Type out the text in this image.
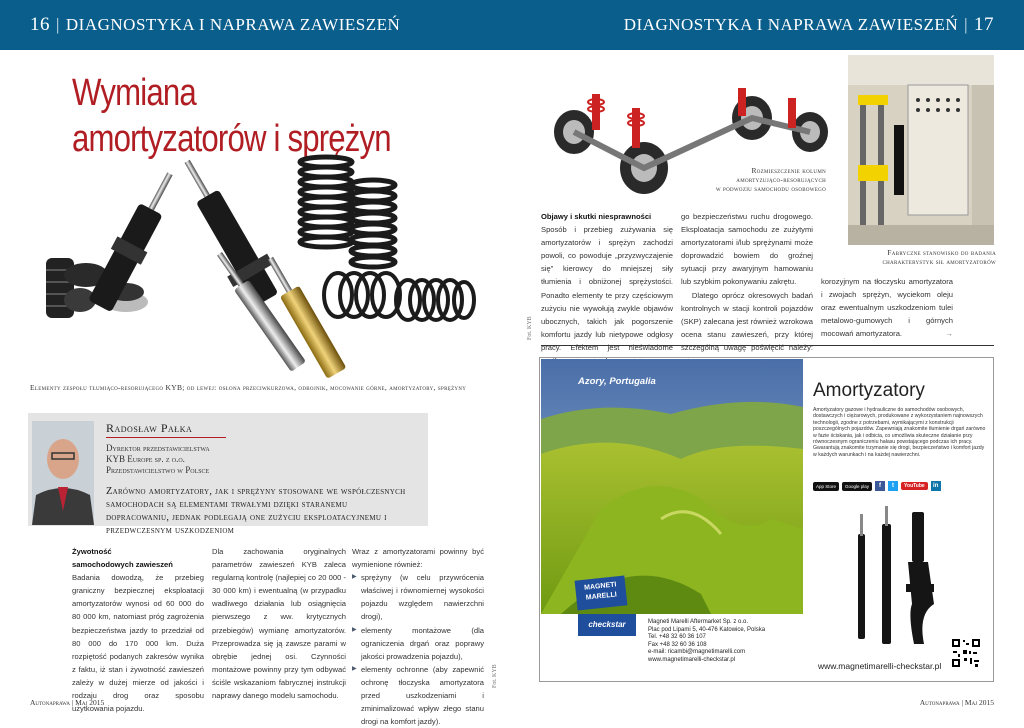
16 | DIAGNOSTYKA I NAPRAWA ZAWIESZEŃ	DIAGNOSTYKA I NAPRAWA ZAWIESZEŃ | 17
Wymiana
amortyzatorów i sprężyn
Elementy zespołu tłumiąco-resorującego KYB; od lewej: osłona przeciwkurzowa, odbojnik, mocowanie górne, amortyzatory, sprężyny
Radosław Pałka
Dyrektor przedstawicielstwa
KYB Europe sp. z o.o.
Przedstawicielstwo w Polsce
Zarówno amortyzatory, jak i sprężyny stosowane we współczesnych samochodach są elementami trwałymi dzięki staranemu dopracowaniu, jednak podlegają one zużyciu eksploatacyjnemu i przedwczesnym uszkodzeniom
Żywotność
samochodowych zawieszeń
Badania dowodzą, że przebieg graniczny bezpiecznej eksploatacji amortyzatorów wynosi od 60 000 do 80 000 km, natomiast próg zagrożenia bezpieczeństwa jazdy to przedział od 80 000 do 170 000 km. Duża rozpiętość podanych zakresów wynika z faktu, iż stan i żywotność zawieszeń zależy w dużej mierze od jakości i rodzaju drog oraz sposobu użytkowania pojazdu.
Dla zachowania oryginalnych parametrów zawieszeń KYB zaleca regularną kontrolę (najlepiej co 20 000 - 30 000 km) i ewentualną (w przypadku wadliwego działania lub osiągnięcia pierwszego z ww. krytycznych przebiegów) wymianę amortyzatorów. Przeprowadza się ją zawsze parami w obrębie jednej osi. Czynności montażowe powinny przy tym odbywać ściśle wskazaniom fabrycznej instrukcji naprawy danego modelu samochodu.
Wraz z amortyzatorami powinny być wymienione również:
▶ sprężyny (w celu przywrócenia właściwej i równomiernej wysokości pojazdu względem nawierzchni drogi),
▶ elementy montażowe (dla ograniczenia drgań oraz poprawy jakości prowadzenia pojazdu),
▶ elementy ochronne (aby zapewnić ochronę tłoczyska amortyzatora przed uszkodzeniami i zminimalizować wpływ złego stanu drogi na komfort jazdy).
Fot. KYB
Autonaprawa | Maj 2015	Autonaprawa | Maj 2015
Rozmieszczenie kolumn
amortyzująco-resorujących
w podwoziu samochodu osobowego
Fabryczne stanowisko do badania
charakterystyk sił amortyzatorów
Fot. KYB
Objawy i skutki niesprawności
Sposób i przebieg zużywania się amortyzatorów i sprężyn zachodzi powoli, co powoduje „przyzwyczajenie się” kierowcy do mniejszej siły tłumienia i obniżonej sprężystości. Ponadto elementy te przy częściowym zużyciu nie wywołują zwykle objawów ubocznych, takich jak pogorszenie komfortu jazdy lub nietypowe odgłosy pracy. Efektem jest nieświadome
go bezpieczeństwu ruchu drogowego. Eksploatacja samochodu ze zużytymi amortyzatorami i/lub sprężynami może doprowadzić bowiem do groźnej sytuacji przy awaryjnym hamowaniu lub szybkim pokonywaniu zakrętu.
Dlatego oprócz okresowych badań kontrolnych w stacji kontroli pojazdów (SKP) zalecana jest również wzrokowa ocena stanu zawieszeń, przy której szczególną uwagę poświęcić należy:
korozyjnym na tłoczysku amortyzatora i zwojach sprężyn, wyciekom oleju oraz ewentualnym uszkodzeniom tulei metalowo-gumowych i górnych mocowań amortyzatora.	→
Azory, Portugalia	Amortyzatory
Amortyzatory gazowe i hydrauliczne do samochodów osobowych, dostawczych i ciężarowych, produkowane z wykorzystaniem najnowszych technologii, zgodne z potrzebami, wymikającymi z konstrukcji poszczególnych pojazdów. Zapewniają znakomite tłumienie drgań zarówno w fazie ściskania, jak i odbicia, co umożliwia skuteczne działanie przy równoczesnym ograniczeniu hałasu powstającego podczas ich pracy. Gwarantują znakomite trzymanie się drogi, bezpieczeństwo i komfort jazdy w każdych warunkach i na każdej nawierzchni.
App Store	Google play	f	t	YouTube	in
MAGNETI
MARELLI
checkstar	Magneti Marelli Aftermarket Sp. z o.o.
Plac pod Lipami 5, 40-476 Katowice, Polska
Tel. +48 32 60 36 107
Fax +48 32 60 36 108
e-mail: ricambi@magnetimarelli.com
www.magnetimarelli-checkstar.pl
www.magnetimarelli-checkstar.pl
